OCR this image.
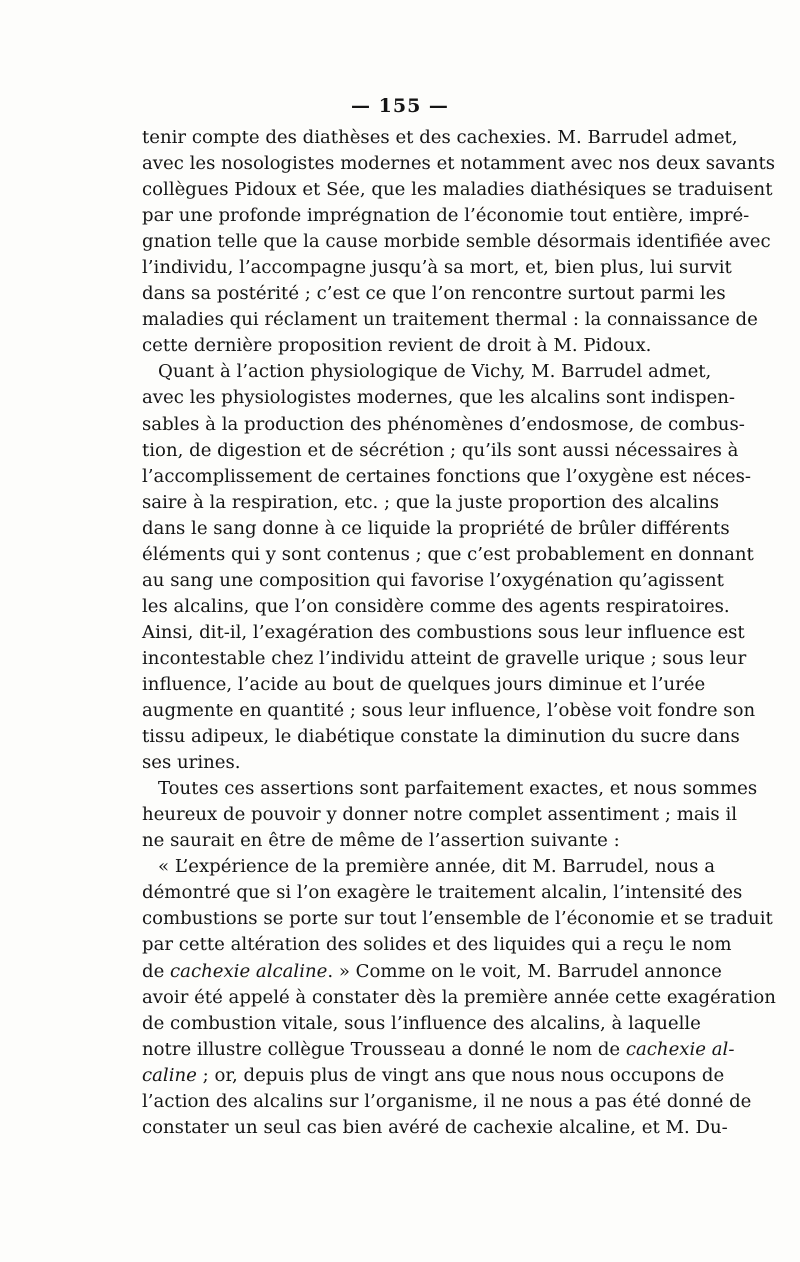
— 155 —
tenir compte des diathèses et des cachexies. M. Barrudel admet,
avec les nosologistes modernes et notamment avec nos deux savants
collègues Pidoux et Sée, que les maladies diathésiques se traduisent
par une profonde imprégnation de l’économie tout entière, impré-
gnation telle que la cause morbide semble désormais identifiée avec
l’individu, l’accompagne jusqu’à sa mort, et, bien plus, lui survit
dans sa postérité ; c’est ce que l’on rencontre surtout parmi les
maladies qui réclament un traitement thermal : la connaissance de
cette dernière proposition revient de droit à M. Pidoux.
Quant à l’action physiologique de Vichy, M. Barrudel admet,
avec les physiologistes modernes, que les alcalins sont indispen-
sables à la production des phénomènes d’endosmose, de combus-
tion, de digestion et de sécrétion ; qu’ils sont aussi nécessaires à
l’accomplissement de certaines fonctions que l’oxygène est néces-
saire à la respiration, etc. ; que la juste proportion des alcalins
dans le sang donne à ce liquide la propriété de brûler différents
éléments qui y sont contenus ; que c’est probablement en donnant
au sang une composition qui favorise l’oxygénation qu’agissent
les alcalins, que l’on considère comme des agents respiratoires.
Ainsi, dit-il, l’exagération des combustions sous leur influence est
incontestable chez l’individu atteint de gravelle urique ; sous leur
influence, l’acide au bout de quelques jours diminue et l’urée
augmente en quantité ; sous leur influence, l’obèse voit fondre son
tissu adipeux, le diabétique constate la diminution du sucre dans
ses urines.
Toutes ces assertions sont parfaitement exactes, et nous sommes
heureux de pouvoir y donner notre complet assentiment ; mais il
ne saurait en être de même de l’assertion suivante :
« L’expérience de la première année, dit M. Barrudel, nous a
démontré que si l’on exagère le traitement alcalin, l’intensité des
combustions se porte sur tout l’ensemble de l’économie et se traduit
par cette altération des solides et des liquides qui a reçu le nom
de cachexie alcaline. » Comme on le voit, M. Barrudel annonce
avoir été appelé à constater dès la première année cette exagération
de combustion vitale, sous l’influence des alcalins, à laquelle
notre illustre collègue Trousseau a donné le nom de cachexie al-
caline ; or, depuis plus de vingt ans que nous nous occupons de
l’action des alcalins sur l’organisme, il ne nous a pas été donné de
constater un seul cas bien avéré de cachexie alcaline, et M. Du-
